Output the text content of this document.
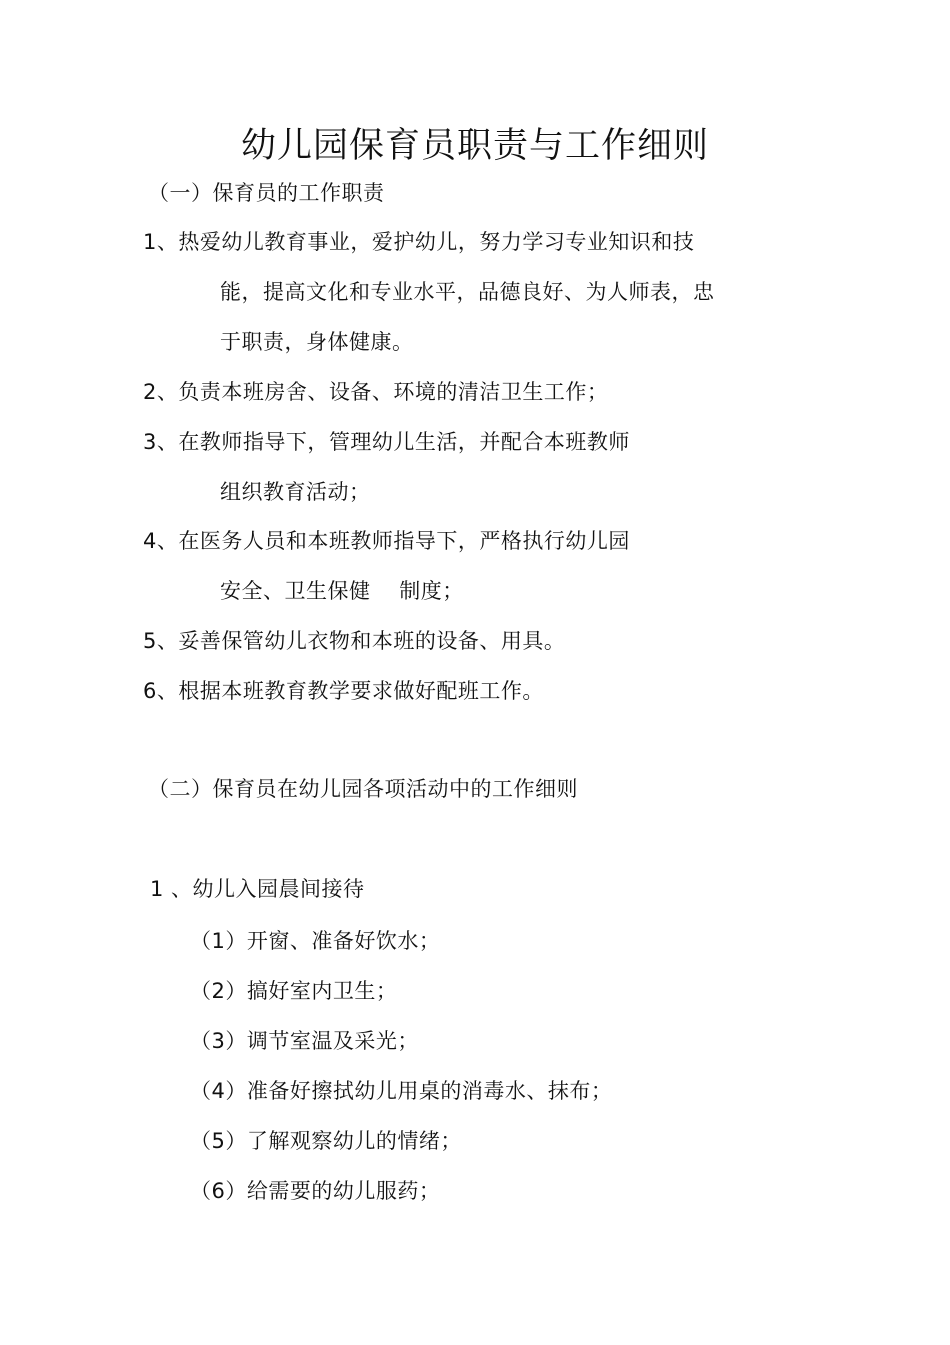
幼儿园保育员职责与工作细则
（一）保育员的工作职责
1、热爱幼儿教育事业，爱护幼儿，努力学习专业知识和技
能，提高文化和专业水平，品德良好、为人师表，忠
于职责，身体健康。
2、负责本班房舍、设备、环境的清洁卫生工作；
3、在教师指导下，管理幼儿生活，并配合本班教师
组织教育活动；
4、在医务人员和本班教师指导下，严格执行幼儿园
安全、卫生保健    制度；
5、妥善保管幼儿衣物和本班的设备、用具。
6、根据本班教育教学要求做好配班工作。
（二）保育员在幼儿园各项活动中的工作细则
1 、幼儿入园晨间接待
（1）开窗、准备好饮水；
（2）搞好室内卫生；
（3）调节室温及采光；
（4）准备好擦拭幼儿用桌的消毒水、抹布；
（5）了解观察幼儿的情绪；
（6）给需要的幼儿服药；
